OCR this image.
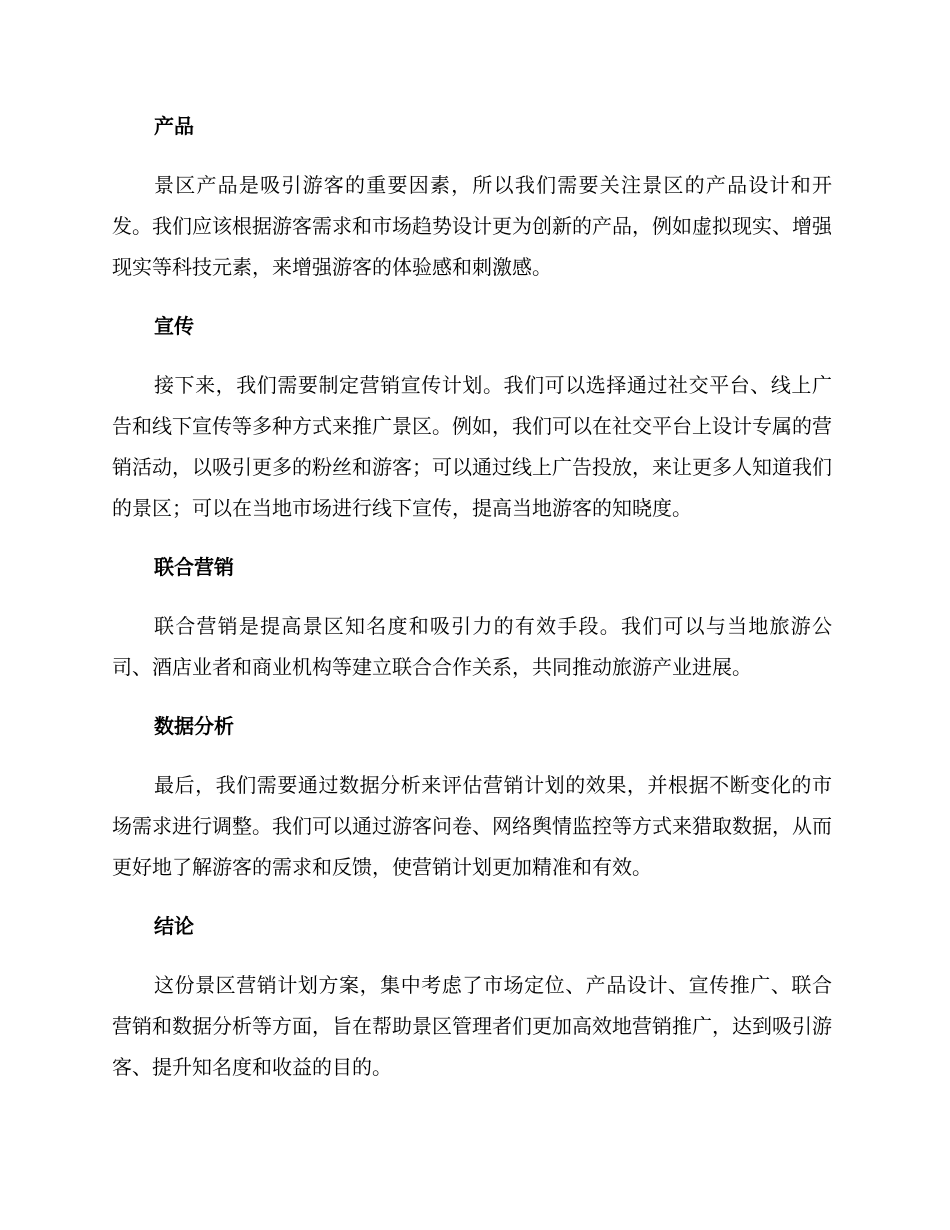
产品

景区产品是吸引游客的重要因素，所以我们需要关注景区的产品设计和开发。我们应该根据游客需求和市场趋势设计更为创新的产品，例如虚拟现实、增强现实等科技元素，来增强游客的体验感和刺激感。

宣传

接下来，我们需要制定营销宣传计划。我们可以选择通过社交平台、线上广告和线下宣传等多种方式来推广景区。例如，我们可以在社交平台上设计专属的营销活动，以吸引更多的粉丝和游客；可以通过线上广告投放，来让更多人知道我们的景区；可以在当地市场进行线下宣传，提高当地游客的知晓度。

联合营销

联合营销是提高景区知名度和吸引力的有效手段。我们可以与当地旅游公司、酒店业者和商业机构等建立联合合作关系，共同推动旅游产业进展。

数据分析

最后，我们需要通过数据分析来评估营销计划的效果，并根据不断变化的市场需求进行调整。我们可以通过游客问卷、网络舆情监控等方式来猎取数据，从而更好地了解游客的需求和反馈，使营销计划更加精准和有效。

结论

这份景区营销计划方案，集中考虑了市场定位、产品设计、宣传推广、联合营销和数据分析等方面，旨在帮助景区管理者们更加高效地营销推广，达到吸引游客、提升知名度和收益的目的。
